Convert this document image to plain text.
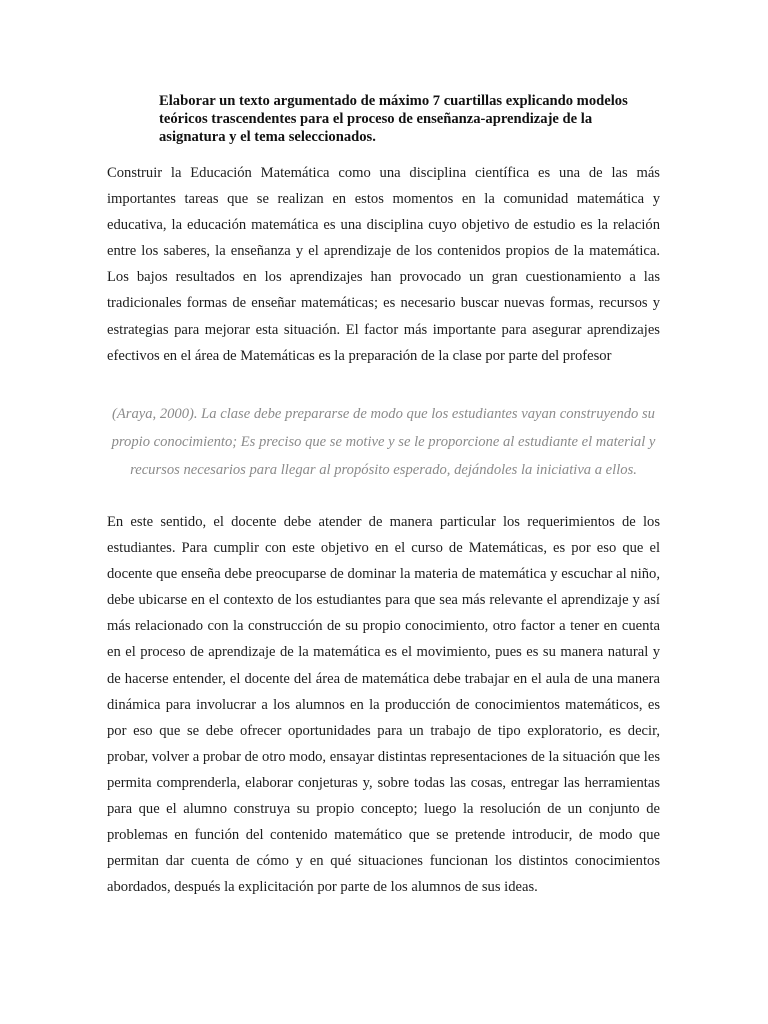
Elaborar un texto argumentado de máximo 7 cuartillas explicando modelos teóricos trascendentes para el proceso de enseñanza-aprendizaje de la asignatura y el tema seleccionados.
Construir la Educación Matemática como una disciplina científica es una de las más importantes tareas que se realizan en estos momentos en la comunidad matemática y educativa, la educación matemática es una disciplina cuyo objetivo de estudio es la relación entre los saberes, la enseñanza y el aprendizaje de los contenidos propios de la matemática. Los bajos resultados en los aprendizajes han provocado un gran cuestionamiento a las tradicionales formas de enseñar matemáticas; es necesario buscar nuevas formas, recursos y estrategias para mejorar esta situación. El factor más importante para asegurar aprendizajes efectivos en el área de Matemáticas es la preparación de la clase por parte del profesor
(Araya, 2000). La clase debe prepararse de modo que los estudiantes vayan construyendo su propio conocimiento; Es preciso que se motive y se le proporcione al estudiante el material y recursos necesarios para llegar al propósito esperado, dejándoles la iniciativa a ellos.
En este sentido, el docente debe atender de manera particular los requerimientos de los estudiantes. Para cumplir con este objetivo en el curso de Matemáticas, es por eso que el docente que enseña debe preocuparse de dominar la materia de matemática y escuchar al niño, debe ubicarse en el contexto de los estudiantes para que sea más relevante el aprendizaje y así más relacionado con la construcción de su propio conocimiento, otro factor a tener en cuenta en el proceso de aprendizaje de la matemática es el movimiento, pues es su manera natural y de hacerse entender, el docente del área de matemática debe trabajar en el aula de una manera dinámica para involucrar a los alumnos en la producción de conocimientos matemáticos, es por eso que se debe ofrecer oportunidades para un trabajo de tipo exploratorio, es decir, probar, volver a probar de otro modo, ensayar distintas representaciones de la situación que les permita comprenderla, elaborar conjeturas y, sobre todas las cosas, entregar las herramientas para que el alumno construya su propio concepto; luego la resolución de un conjunto de problemas en función del contenido matemático que se pretende introducir, de modo que permitan dar cuenta de cómo y en qué situaciones funcionan los distintos conocimientos abordados, después la explicitación por parte de los alumnos de sus ideas.
